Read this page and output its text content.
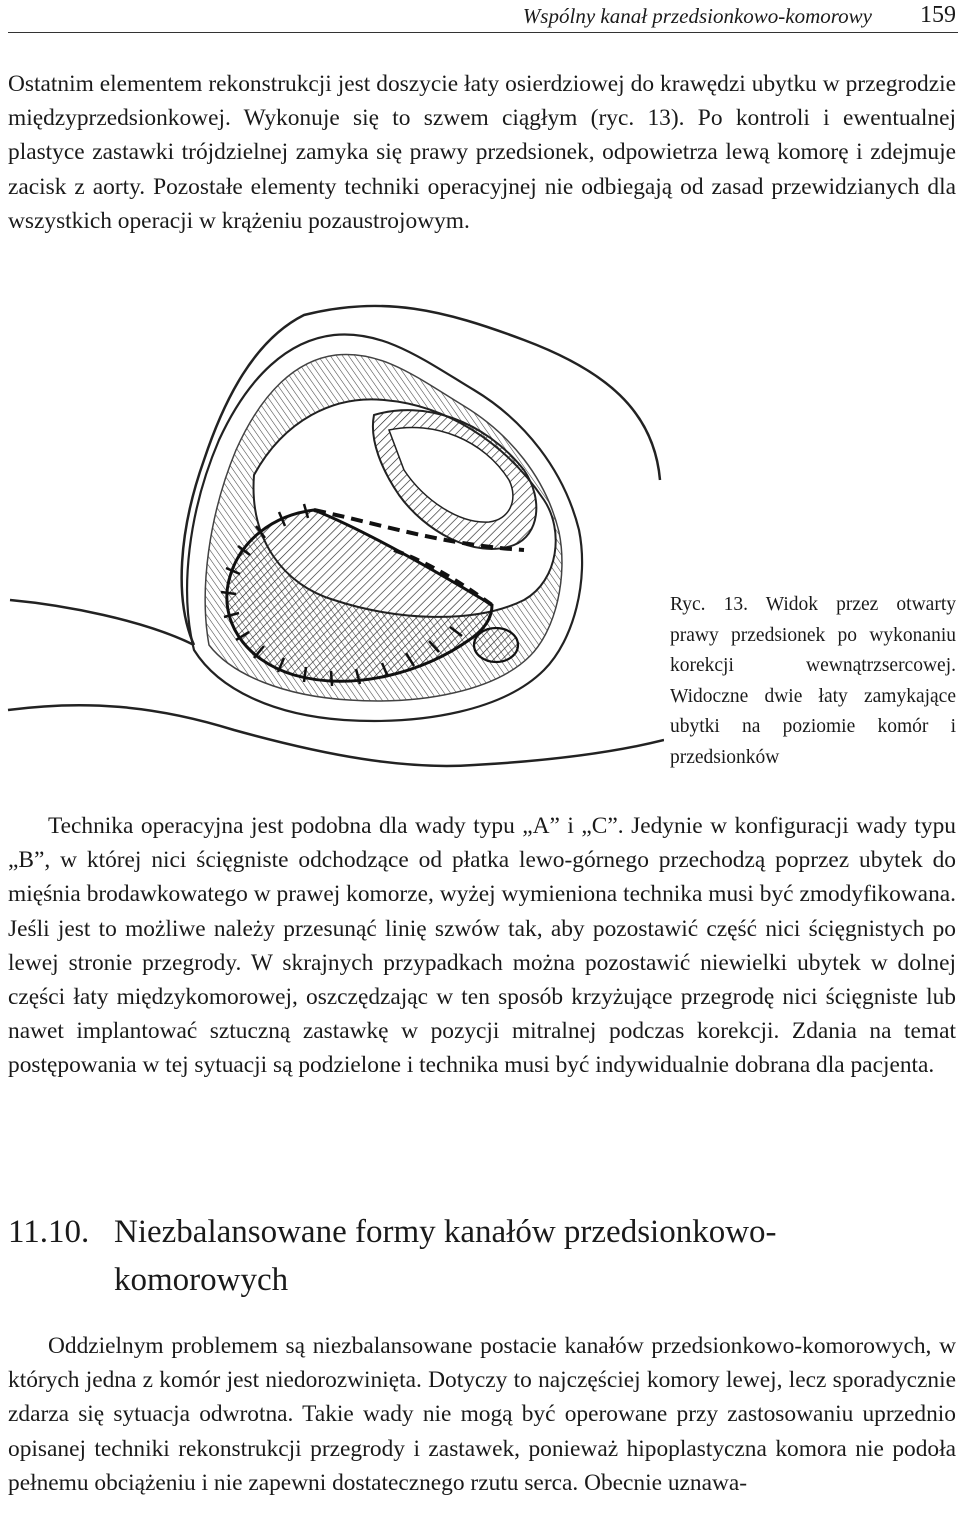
Wspólny kanał przedsionkowo-komorowy 159

Ostatnim elementem rekonstrukcji jest doszycie łaty osierdziowej do krawędzi ubytku w przegrodzie międzyprzedsionkowej. Wykonuje się to szwem ciągłym (ryc. 13). Po kontroli i ewentualnej plastyce zastawki trójdzielnej zamyka się prawy przedsionek, odpowietrza lewą komorę i zdejmuje zacisk z aorty. Pozostałe elementy techniki operacyjnej nie odbiegają od zasad przewidzianych dla wszystkich operacji w krążeniu pozaustrojowym.

Ryc. 13. Widok przez otwarty prawy przedsionek po wykonaniu korekcji wewnątrzsercowej. Widoczne dwie łaty zamykające ubytki na poziomie komór i przedsionków

Technika operacyjna jest podobna dla wady typu „A” i „C”. Jedynie w konfiguracji wady typu „B”, w której nici ścięgniste odchodzące od płatka lewo-górnego przechodzą poprzez ubytek do mięśnia brodawkowatego w prawej komorze, wyżej wymieniona technika musi być zmodyfikowana. Jeśli jest to możliwe należy przesunąć linię szwów tak, aby pozostawić część nici ścięgnistych po lewej stronie przegrody. W skrajnych przypadkach można pozostawić niewielki ubytek w dolnej części łaty międzykomorowej, oszczędzając w ten sposób krzyżujące przegrodę nici ścięgniste lub nawet implantować sztuczną zastawkę w pozycji mitralnej podczas korekcji. Zdania na temat postępowania w tej sytuacji są podzielone i technika musi być indywidualnie dobrana dla pacjenta.

11.10. Niezbalansowane formy kanałów przedsionkowo-komorowych

Oddzielnym problemem są niezbalansowane postacie kanałów przedsionkowo-komorowych, w których jedna z komór jest niedorozwinięta. Dotyczy to najczęściej komory lewej, lecz sporadycznie zdarza się sytuacja odwrotna. Takie wady nie mogą być operowane przy zastosowaniu uprzednio opisanej techniki rekonstrukcji przegrody i zastawek, ponieważ hipoplastyczna komora nie podoła pełnemu obciążeniu i nie zapewni dostatecznego rzutu serca. Obecnie uznawa-
